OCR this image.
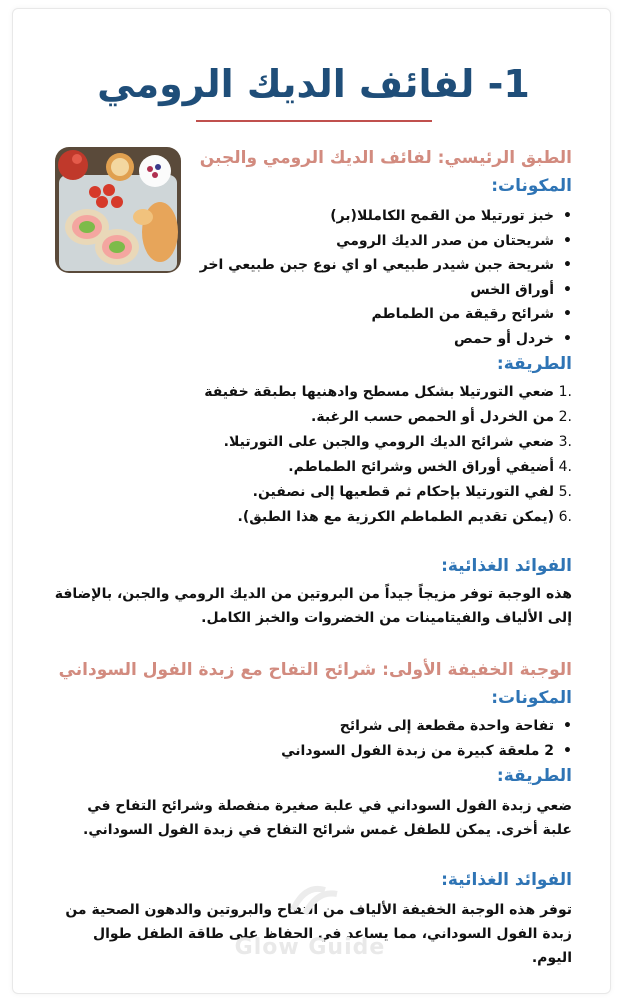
1- لفائف الديك الرومي
الطبق الرئيسي: لفائف الديك الرومي والجبن
المكونات:
• خبز تورتيلا من القمح الكامللا(بر)
• شريحتان من صدر الديك الرومي
• شريحة جبن شيدر طبيعي او اي نوع جبن طبيعي اخر
• أوراق الخس
• شرائح رقيقة من الطماطم
• خردل أو حمص
الطريقة:
.1
ضعي التورتيلا بشكل مسطح وادهنيها بطبقة خفيفة
.2
من الخردل أو الحمص حسب الرغبة.
.3
ضعي شرائح الديك الرومي والجبن على التورتيلا.
.4
أضيفي أوراق الخس وشرائح الطماطم.
.5
لفي التورتيلا بإحكام ثم قطعيها إلى نصفين.
.6
(يمكن تقديم الطماطم الكرزية مع هذا الطبق).
الفوائد الغذائية:
هذه الوجبة توفر مزيجاً جيداً من البروتين من الديك الرومي والجبن، بالإضافة إلى الألياف والفيتامينات من الخضروات والخبز الكامل.
الوجبة الخفيفة الأولى: شرائح التفاح مع زبدة الفول السوداني
المكونات:
• تفاحة واحدة مقطعة إلى شرائح
• 2 ملعقة كبيرة من زبدة الفول السوداني
الطريقة:
ضعي زبدة الفول السوداني في علبة صغيرة منفصلة وشرائح التفاح في علبة أخرى. يمكن للطفل غمس شرائح التفاح في زبدة الفول السوداني.
الفوائد الغذائية:
توفر هذه الوجبة الخفيفة الألياف من التفاح والبروتين والدهون الصحية من زبدة الفول السوداني، مما يساعد في الحفاظ على طاقة الطفل طوال اليوم.
Glow Guide
